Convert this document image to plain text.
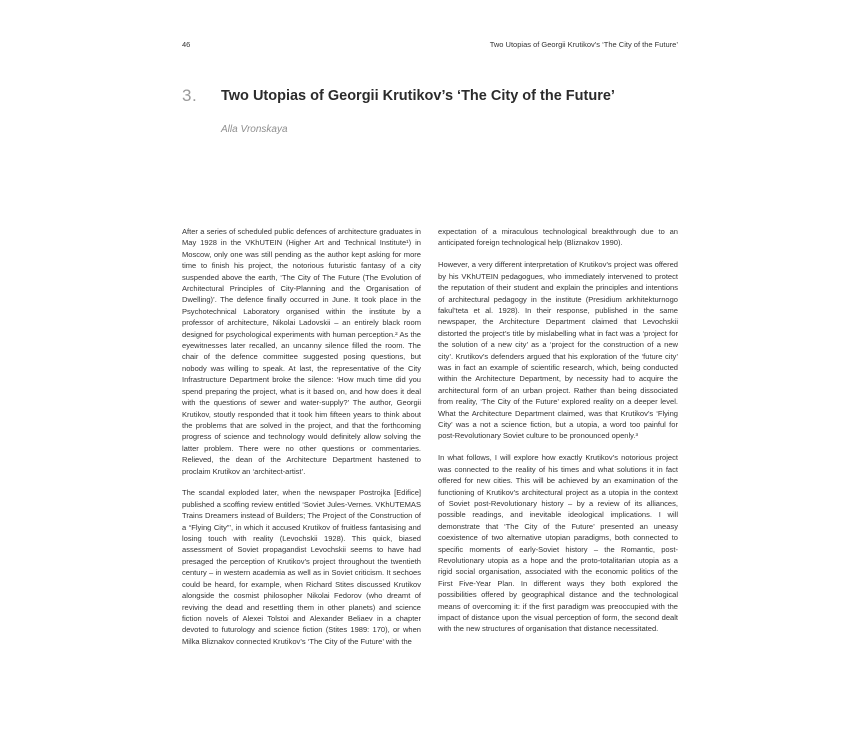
46	Two Utopias of Georgii Krutikov’s ‘The City of the Future’
3. Two Utopias of Georgii Krutikov’s ‘The City of the Future’
Alla Vronskaya

After a series of scheduled public defences of architecture graduates in May 1928 in the VKhUTEIN (Higher Art and Technical Institute¹) in Moscow, only one was still pending as the author kept asking for more time to finish his project, the notorious futuristic fantasy of a city suspended above the earth, ‘The City of The Future (The Evolution of Architectural Principles of City-Planning and the Organisation of Dwelling)’. The defence finally occurred in June. It took place in the Psychotechnical Laboratory organised within the institute by a professor of architecture, Nikolai Ladovskii – an entirely black room designed for psychological experiments with human perception.² As the eyewitnesses later recalled, an uncanny silence filled the room. The chair of the defence committee suggested posing questions, but nobody was willing to speak. At last, the representative of the City Infrastructure Department broke the silence: ‘How much time did you spend preparing the project, what is it based on, and how does it deal with the questions of sewer and water-supply?’ The author, Georgii Krutikov, stoutly responded that it took him fifteen years to think about the problems that are solved in the project, and that the forthcoming progress of science and technology would definitely allow solving the latter problem. There were no other questions or commentaries. Relieved, the dean of the Architecture Department hastened to proclaim Krutikov an ‘architect-artist’.

The scandal exploded later, when the newspaper Postrojka [Edifice] published a scoffing review entitled ‘Soviet Jules-Vernes. VKhUTEMAS Trains Dreamers instead of Builders; The Project of the Construction of a “Flying City”’, in which it accused Krutikov of fruitless fantasising and losing touch with reality (Levochskii 1928). This quick, biased assessment of Soviet propagandist Levochskii seems to have had presaged the perception of Krutikov’s project throughout the twentieth century – in western academia as well as in Soviet criticism. It sechoes could be heard, for example, when Richard Stites discussed Krutikov alongside the cosmist philosopher Nikolai Fedorov (who dreamt of reviving the dead and resettling them in other planets) and science fiction novels of Alexei Tolstoi and Alexander Beliaev in a chapter devoted to futurology and science fiction (Stites 1989: 170), or when Milka Bliznakov connected Krutikov’s ‘The City of the Future’ with the

expectation of a miraculous technological breakthrough due to an anticipated foreign technological help (Bliznakov 1990).

However, a very different interpretation of Krutikov’s project was offered by his VKhUTEIN pedagogues, who immediately intervened to protect the reputation of their student and explain the principles and intentions of architectural pedagogy in the institute (Presidium arkhitekturnogo fakul’teta et al. 1928). In their response, published in the same newspaper, the Architecture Department claimed that Levochskii distorted the project’s title by mislabelling what in fact was a ‘project for the solution of a new city’ as a ‘project for the construction of a new city’. Krutikov’s defenders argued that his exploration of the ‘future city’ was in fact an example of scientific research, which, being conducted within the Architecture Department, by necessity had to acquire the architectural form of an urban project. Rather than being dissociated from reality, ‘The City of the Future’ explored reality on a deeper level. What the Architecture Department claimed, was that Krutikov’s ‘Flying City’ was a not a science fiction, but a utopia, a word too painful for post-Revolutionary Soviet culture to be pronounced openly.³

In what follows, I will explore how exactly Krutikov’s notorious project was connected to the reality of his times and what solutions it in fact offered for new cities. This will be achieved by an examination of the functioning of Krutikov’s architectural project as a utopia in the context of Soviet post-Revolutionary history – by a review of its alliances, possible readings, and inevitable ideological implications. I will demonstrate that ‘The City of the Future’ presented an uneasy coexistence of two alternative utopian paradigms, both connected to specific moments of early-Soviet history – the Romantic, post-Revolutionary utopia as a hope and the proto-totalitarian utopia as a rigid social organisation, associated with the economic politics of the First Five-Year Plan. In different ways they both explored the possibilities offered by geographical distance and the technological means of overcoming it: if the first paradigm was preoccupied with the impact of distance upon the visual perception of form, the second dealt with the new structures of organisation that distance necessitated.
